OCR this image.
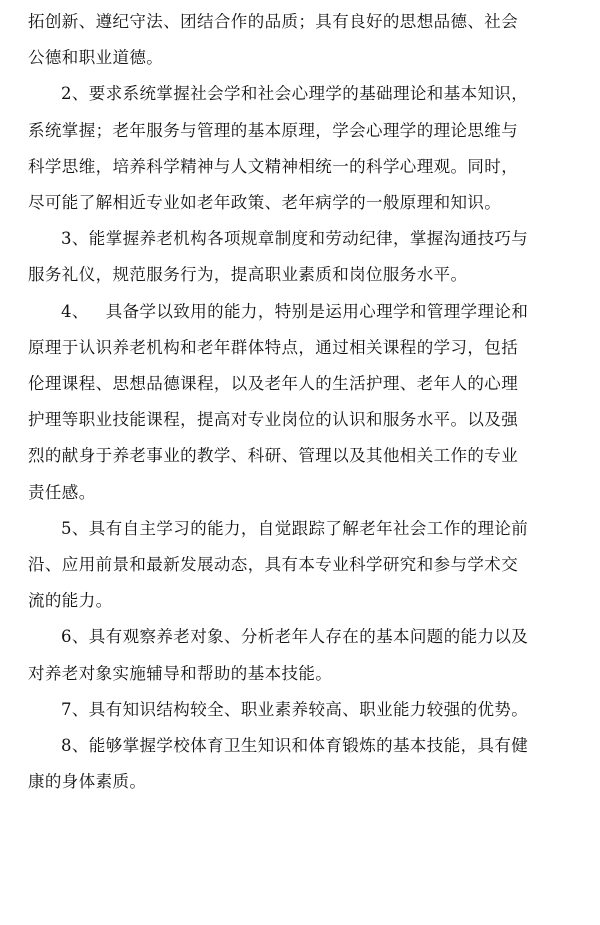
拓创新、遵纪守法、团结合作的品质；具有良好的思想品德、社会
公德和职业道德。

2、要求系统掌握社会学和社会心理学的基础理论和基本知识，
系统掌握；老年服务与管理的基本原理，学会心理学的理论思维与
科学思维，培养科学精神与人文精神相统一的科学心理观。同时，
尽可能了解相近专业如老年政策、老年病学的一般原理和知识。

3、能掌握养老机构各项规章制度和劳动纪律，掌握沟通技巧与
服务礼仪，规范服务行为，提高职业素质和岗位服务水平。

4、   具备学以致用的能力，特别是运用心理学和管理学理论和
原理于认识养老机构和老年群体特点，通过相关课程的学习，包括
伦理课程、思想品德课程，以及老年人的生活护理、老年人的心理
护理等职业技能课程，提高对专业岗位的认识和服务水平。以及强
烈的献身于养老事业的教学、科研、管理以及其他相关工作的专业
责任感。

5、具有自主学习的能力，自觉跟踪了解老年社会工作的理论前
沿、应用前景和最新发展动态，具有本专业科学研究和参与学术交
流的能力。

6、具有观察养老对象、分析老年人存在的基本问题的能力以及
对养老对象实施辅导和帮助的基本技能。

7、具有知识结构较全、职业素养较高、职业能力较强的优势。

8、能够掌握学校体育卫生知识和体育锻炼的基本技能，具有健
康的身体素质。
